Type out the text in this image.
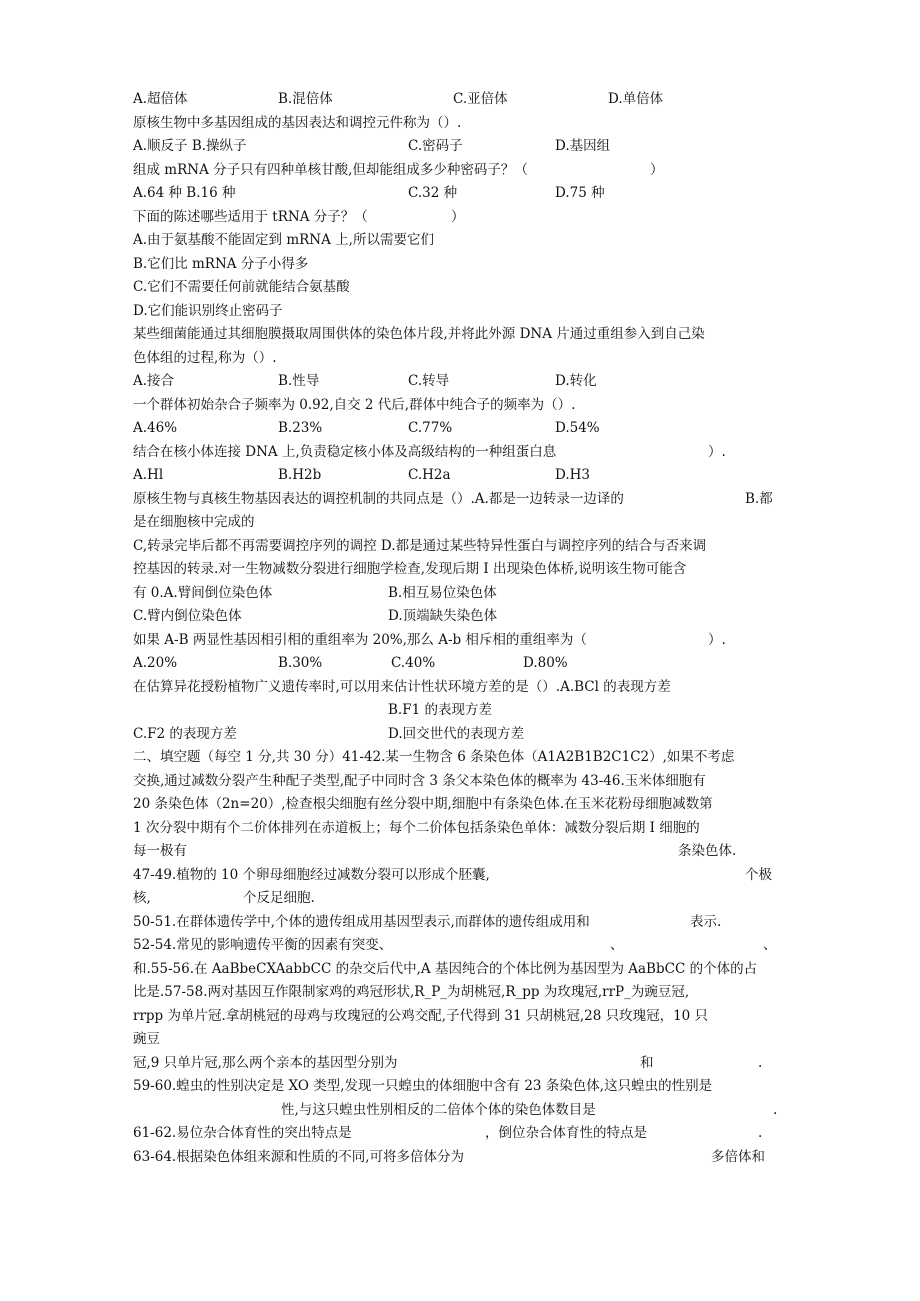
A.超倍体	B.混倍体	C.亚倍体	D.单倍体
原核生物中多基因组成的基因表达和调控元件称为（）.
A.顺反子 B.操纵子	C.密码子	D.基因组
组成 mRNA 分子只有四种单核甘酸,但却能组成多少种密码子？（	）
A.64 种 B.16 种	C.32 种	D.75 种
下面的陈述哪些适用于 tRNA 分子？（	）
A.由于氨基酸不能固定到 mRNA 上,所以需要它们
B.它们比 mRNA 分子小得多
C.它们不需要任何前就能结合氨基酸
D.它们能识别终止密码子
某些细菌能通过其细胞膜摄取周围供体的染色体片段,并将此外源 DNA 片通过重组参入到自己染
色体组的过程,称为（）.
A.接合	B.性导	C.转导	D.转化
一个群体初始杂合子频率为 0.92,自交 2 代后,群体中纯合子的频率为（）.
A.46%	B.23%	C.77%	D.54%
结合在核小体连接 DNA 上,负责稳定核小体及高级结构的一种组蛋白息	）.
A.Hl	B.H2b	C.H2a	D.H3
原核生物与真核生物基因表达的调控机制的共同点是（）.A.都是一边转录一边译的	B.都
是在细胞核中完成的
C,转录完毕后都不再需要调控序列的调控 D.都是通过某些特异性蛋白与调控序列的结合与否来调
控基因的转录.对一生物减数分裂进行细胞学检查,发现后期 I 出现染色体桥,说明该生物可能含
有 0.A.臂间倒位染色体	B.相互易位染色体
C.臂内倒位染色体	D.顶端缺失染色体
如果 A-B 两显性基因相引相的重组率为 20%,那么 A-b 相斥相的重组率为（	）.
A.20%	B.30%	C.40%	D.80%
在估算异花授粉植物广义遗传率时,可以用来估计性状环境方差的是（）.A.BCl 的表现方差
B.F1 的表现方差
C.F2 的表现方差	D.回交世代的表现方差
二、填空题（每空 1 分,共 30 分）41-42.某一生物含 6 条染色体（A1A2B1B2C1C2）,如果不考虑
交换,通过减数分裂产生种配子类型,配子中同时含 3 条父本染色体的概率为 43-46.玉米体细胞有
20 条染色体（2n=20）,检查根尖细胞有丝分裂中期,细胞中有条染色体.在玉米花粉母细胞减数第
1 次分裂中期有个二价体排列在赤道板上；每个二价体包括条染色单体：减数分裂后期 I 细胞的
每一极有	条染色体.
47-49.植物的 10 个卵母细胞经过减数分裂可以形成个胚囊,	个极
核,	个反足细胞.
50-51.在群体遗传学中,个体的遗传组成用基因型表示,而群体的遗传组成用和	表示.
52-54.常见的影响遗传平衡的因素有突变、	、	、
和.55-56.在 AaBbeCXAabbCC 的杂交后代中,A 基因纯合的个体比例为基因型为 AaBbCC 的个体的占
比是.57-58.两对基因互作限制家鸡的鸡冠形状,R_P_为胡桃冠,R_pp 为玫瑰冠,rrP_为豌豆冠,
rrpp 为单片冠.拿胡桃冠的母鸡与玫瑰冠的公鸡交配,子代得到 31 只胡桃冠,28 只玫瑰冠，10 只
豌豆
冠,9 只单片冠,那么两个亲本的基因型分别为	和	.
59-60.蝗虫的性别决定是 XO 类型,发现一只蝗虫的体细胞中含有 23 条染色体,这只蝗虫的性别是
性,与这只蝗虫性别相反的二倍体个体的染色体数目是	.
61-62.易位杂合体育性的突出特点是	，倒位杂合体育性的特点是	.
63-64.根据染色体组来源和性质的不同,可将多倍体分为	多倍体和
